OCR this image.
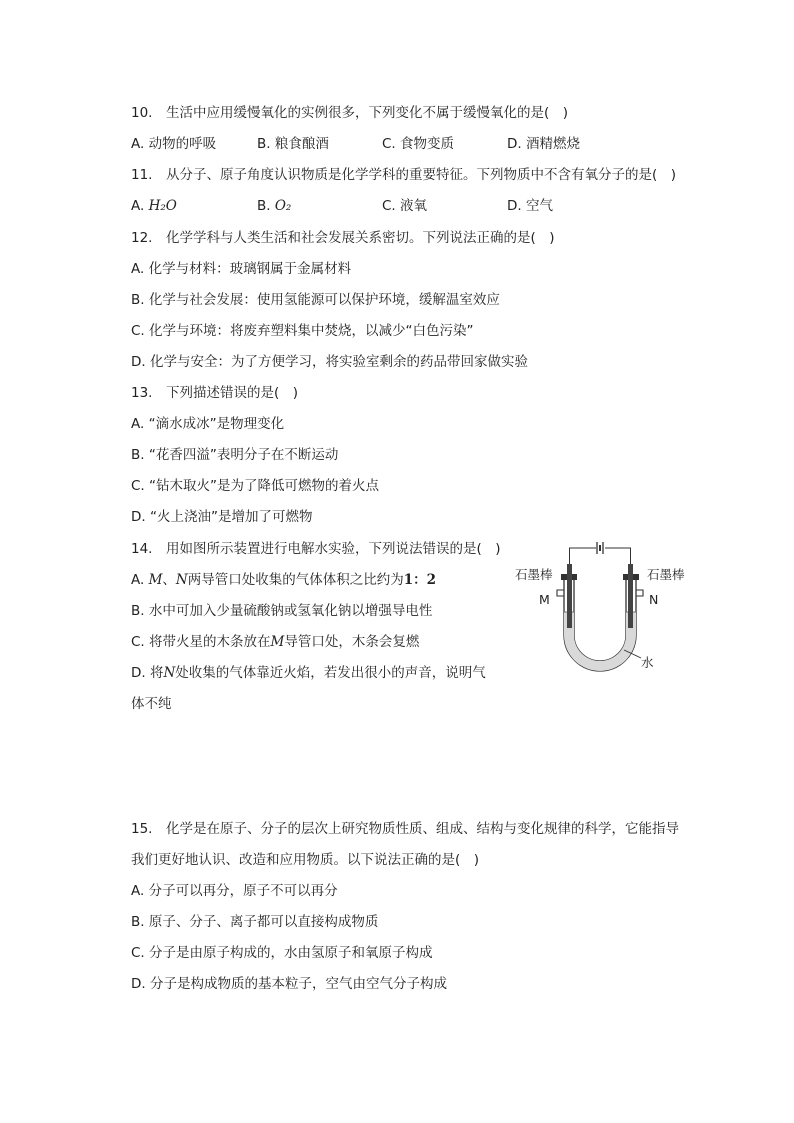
10.　生活中应用缓慢氧化的实例很多，下列变化不属于缓慢氧化的是(　)
A. 动物的呼吸	B. 粮食酿酒	C. 食物变质	D. 酒精燃烧
11.　从分子、原子角度认识物质是化学学科的重要特征。下列物质中不含有氧分子的是(　)
A. H₂O	B. O₂	C. 液氧	D. 空气
12.　化学学科与人类生活和社会发展关系密切。下列说法正确的是(　)
A. 化学与材料：玻璃钢属于金属材料
B. 化学与社会发展：使用氢能源可以保护环境，缓解温室效应
C. 化学与环境：将废弃塑料集中焚烧，以减少“白色污染”
D. 化学与安全：为了方便学习，将实验室剩余的药品带回家做实验
13.　下列描述错误的是(　)
A. “滴水成冰”是物理变化
B. “花香四溢”表明分子在不断运动
C. “钻木取火”是为了降低可燃物的着火点
D. “火上浇油”是增加了可燃物
14.　用如图所示装置进行电解水实验，下列说法错误的是(　)
A. M、N两导管口处收集的气体体积之比约为1：2
B. 水中可加入少量硫酸钠或氢氧化钠以增强导电性
C. 将带火星的木条放在M导管口处，木条会复燃
D. 将N处收集的气体靠近火焰，若发出很小的声音，说明气
体不纯
石墨棒	石墨棒
M	N
水
15.　化学是在原子、分子的层次上研究物质性质、组成、结构与变化规律的科学，它能指导
我们更好地认识、改造和应用物质。以下说法正确的是(　)
A. 分子可以再分，原子不可以再分
B. 原子、分子、离子都可以直接构成物质
C. 分子是由原子构成的，水由氢原子和氧原子构成
D. 分子是构成物质的基本粒子，空气由空气分子构成
